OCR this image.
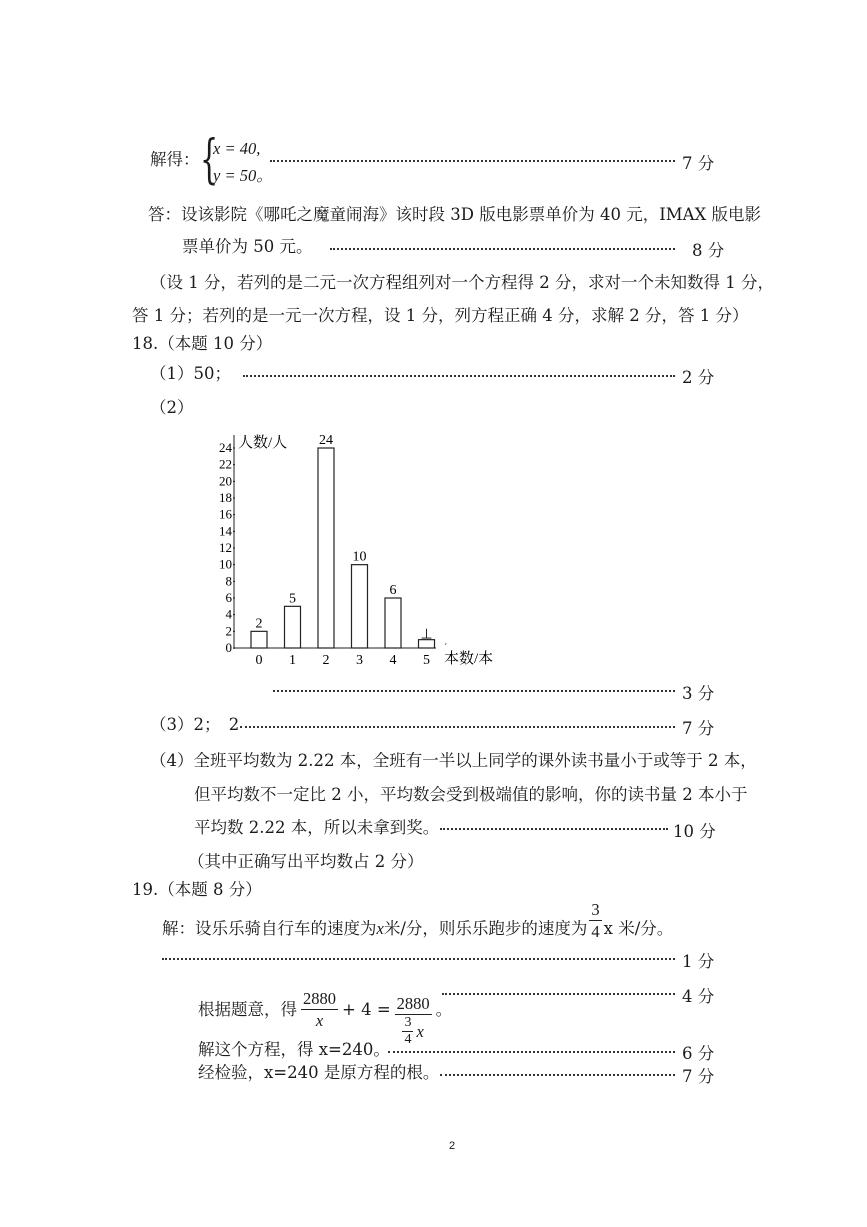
解得： {
x = 40,
y = 50。
7 分
答：设该影院《哪吒之魔童闹海》该时段 3D 版电影票单价为 40 元，IMAX 版电影
票单价为 50 元。	8 分
（设 1 分，若列的是二元一次方程组列对一个方程得 2 分，求对一个未知数得 1 分，
答 1 分；若列的是一元一次方程，设 1 分，列方程正确 4 分，求解 2 分，答 1 分）
18.（本题 10 分）
（1）50；	2 分
（2）
人数/人
本数/本
ˊ
0
2
4
6
8
10
12
14
16
18
20
22
24
2
0
5
1
24
2
10
3
6
4
⊥
5
3 分
（3）2；　2	7 分
（4）全班平均数为 2.22 本，全班有一半以上同学的课外读书量小于或等于 2 本，
但平均数不一定比 2 小，平均数会受到极端值的影响，你的读书量 2 本小于
平均数 2.22 本，所以未拿到奖。	10 分
（其中正确写出平均数占 2 分）
19.（本题 8 分）
解：设乐乐骑自行车的速度为 x 米/分，则乐乐跑步的速度为 $\frac{3}{4}$ x 米/分。
1 分
根据题意，得 $\frac{2880}{x} + 4 = \frac{2880}{\frac{3}{4} x}$ 。
4 分
解这个方程，得 x=240。	6 分
经检验，x=240 是原方程的根。	7 分
2
